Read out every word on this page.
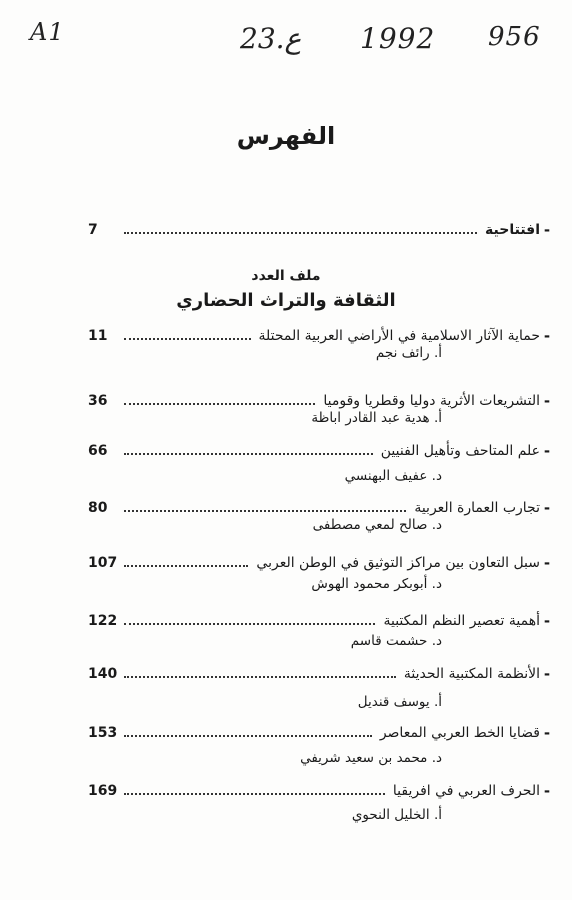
A1	23.ع 1992 956
الفهرس
-
افتتاحية
7
ملف العدد
الثقافة والتراث الحضاري
-
حماية الآثار الاسلامية في الأراضي العربية المحتلة
11
أ. رائف نجم
-
التشريعات الأثرية دوليا وقطريا وقوميا
36
أ. هدية عبد القادر اباظة
-
علم المتاحف وتأهيل الفنيين
66
د. عفيف البهنسي
-
تجارب العمارة العربية
80
د. صالح لمعي مصطفى
-
سبل التعاون بين مراكز التوثيق في الوطن العربي
107
د. أبوبكر محمود الهوش
-
أهمية تعصير النظم المكتبية
122
د. حشمت قاسم
-
الأنظمة المكتبية الحديثة
140
أ. يوسف قنديل
-
قضايا الخط العربي المعاصر
153
د. محمد بن سعيد شريفي
-
الحرف العربي في افريقيا
169
أ. الخليل النحوي
